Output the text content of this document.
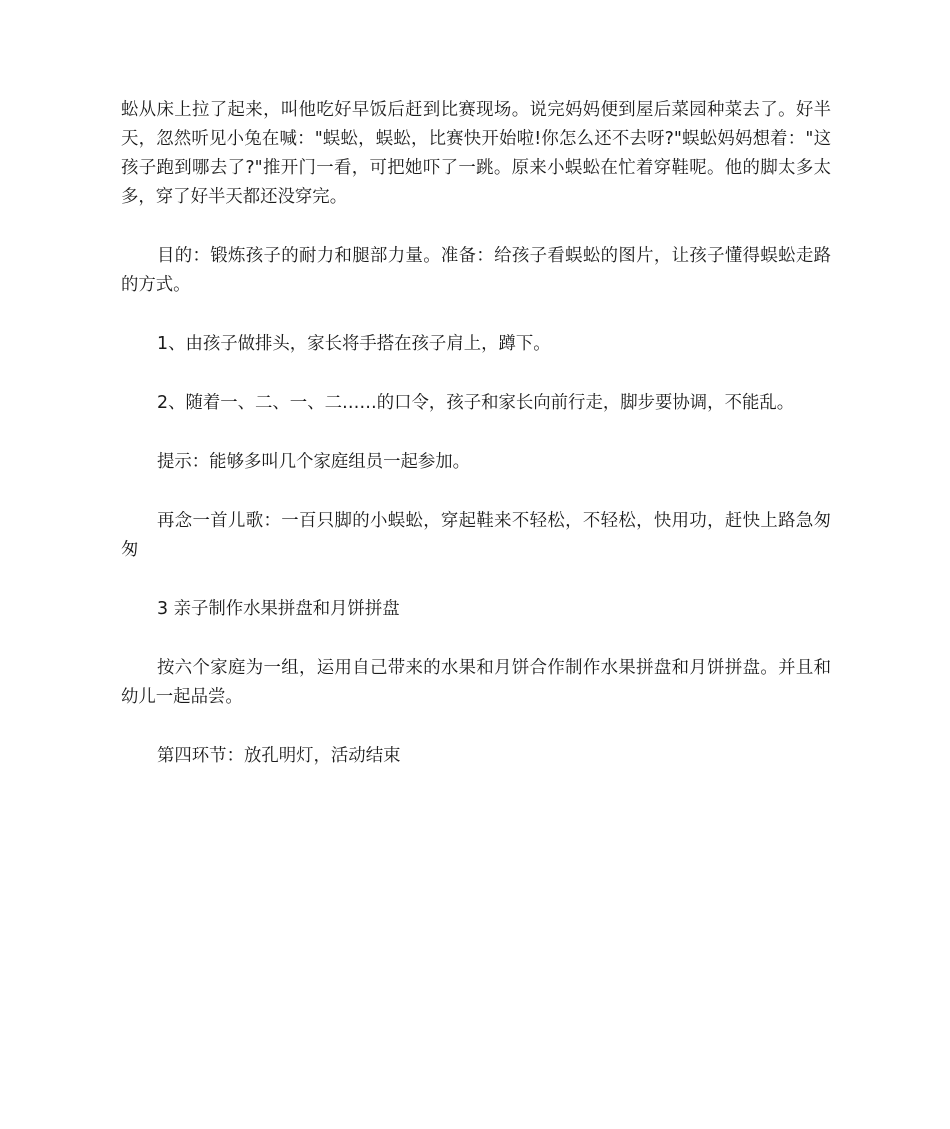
蚣从床上拉了起来，叫他吃好早饭后赶到比赛现场。说完妈妈便到屋后菜园种菜去了。好半天，忽然听见小兔在喊："蜈蚣，蜈蚣，比赛快开始啦!你怎么还不去呀?"蜈蚣妈妈想着："这孩子跑到哪去了?"推开门一看，可把她吓了一跳。原来小蜈蚣在忙着穿鞋呢。他的脚太多太多，穿了好半天都还没穿完。

目的：锻炼孩子的耐力和腿部力量。准备：给孩子看蜈蚣的图片，让孩子懂得蜈蚣走路的方式。

1、由孩子做排头，家长将手搭在孩子肩上，蹲下。

2、随着一、二、一、二……的口令，孩子和家长向前行走，脚步要协调，不能乱。

提示：能够多叫几个家庭组员一起参加。

再念一首儿歌：一百只脚的小蜈蚣，穿起鞋来不轻松，不轻松，快用功，赶快上路急匆匆

3 亲子制作水果拼盘和月饼拼盘

按六个家庭为一组，运用自己带来的水果和月饼合作制作水果拼盘和月饼拼盘。并且和幼儿一起品尝。

第四环节：放孔明灯，活动结束
